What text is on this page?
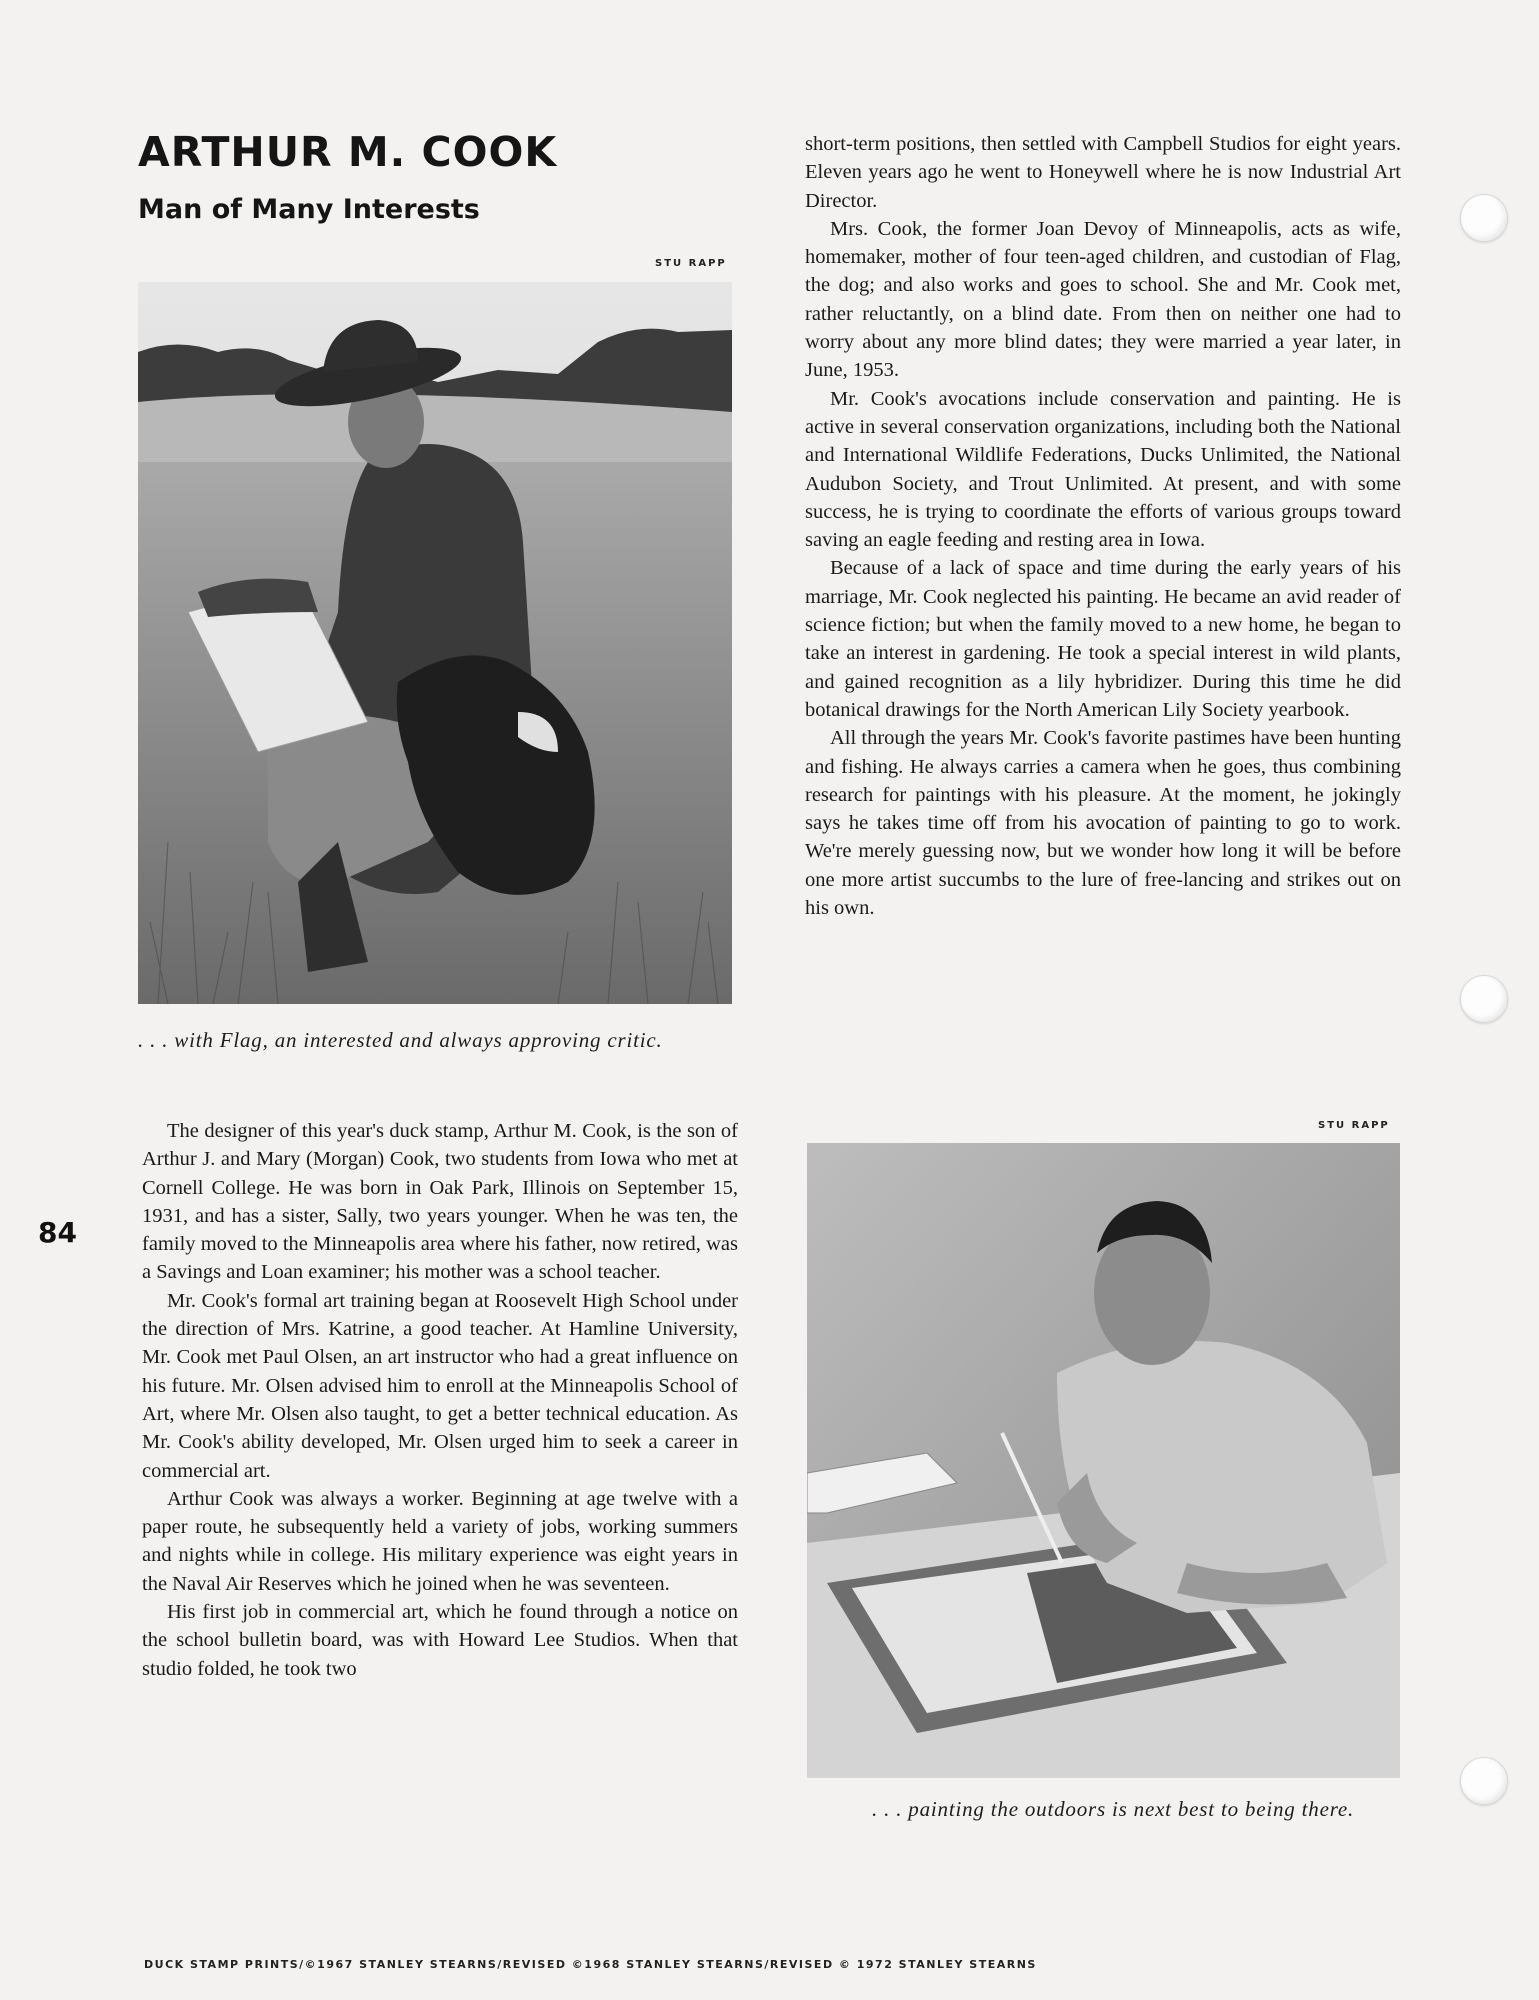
ARTHUR M. COOK
Man of Many Interests
STU RAPP
. . . with Flag, an interested and always approving critic.
STU RAPP
. . . painting the outdoors is next best to being there.

The designer of this year's duck stamp, Arthur M. Cook, is the son of Arthur J. and Mary (Morgan) Cook, two students from Iowa who met at Cornell College. He was born in Oak Park, Illinois on September 15, 1931, and has a sister, Sally, two years younger. When he was ten, the family moved to the Minneapolis area where his father, now retired, was a Savings and Loan examiner; his mother was a school teacher.

Mr. Cook's formal art training began at Roosevelt High School under the direction of Mrs. Katrine, a good teacher. At Hamline University, Mr. Cook met Paul Olsen, an art instructor who had a great influence on his future. Mr. Olsen advised him to enroll at the Minneapolis School of Art, where Mr. Olsen also taught, to get a better technical education. As Mr. Cook's ability developed, Mr. Olsen urged him to seek a career in commercial art.

Arthur Cook was always a worker. Beginning at age twelve with a paper route, he subsequently held a variety of jobs, working summers and nights while in college. His military experience was eight years in the Naval Air Reserves which he joined when he was seventeen.

His first job in commercial art, which he found through a notice on the school bulletin board, was with Howard Lee Studios. When that studio folded, he took two

short-term positions, then settled with Campbell Studios for eight years. Eleven years ago he went to Honeywell where he is now Industrial Art Director.

Mrs. Cook, the former Joan Devoy of Minneapolis, acts as wife, homemaker, mother of four teen-aged children, and custodian of Flag, the dog; and also works and goes to school. She and Mr. Cook met, rather reluctantly, on a blind date. From then on neither one had to worry about any more blind dates; they were married a year later, in June, 1953.

Mr. Cook's avocations include conservation and painting. He is active in several conservation organizations, including both the National and International Wildlife Federations, Ducks Unlimited, the National Audubon Society, and Trout Unlimited. At present, and with some success, he is trying to coordinate the efforts of various groups toward saving an eagle feeding and resting area in Iowa.

Because of a lack of space and time during the early years of his marriage, Mr. Cook neglected his painting. He became an avid reader of science fiction; but when the family moved to a new home, he began to take an interest in gardening. He took a special interest in wild plants, and gained recognition as a lily hybridizer. During this time he did botanical drawings for the North American Lily Society yearbook.

All through the years Mr. Cook's favorite pastimes have been hunting and fishing. He always carries a camera when he goes, thus combining research for paintings with his pleasure. At the moment, he jokingly says he takes time off from his avocation of painting to go to work. We're merely guessing now, but we wonder how long it will be before one more artist succumbs to the lure of free-lancing and strikes out on his own.

84
DUCK STAMP PRINTS/©1967 STANLEY STEARNS/REVISED ©1968 STANLEY STEARNS/REVISED © 1972 STANLEY STEARNS
